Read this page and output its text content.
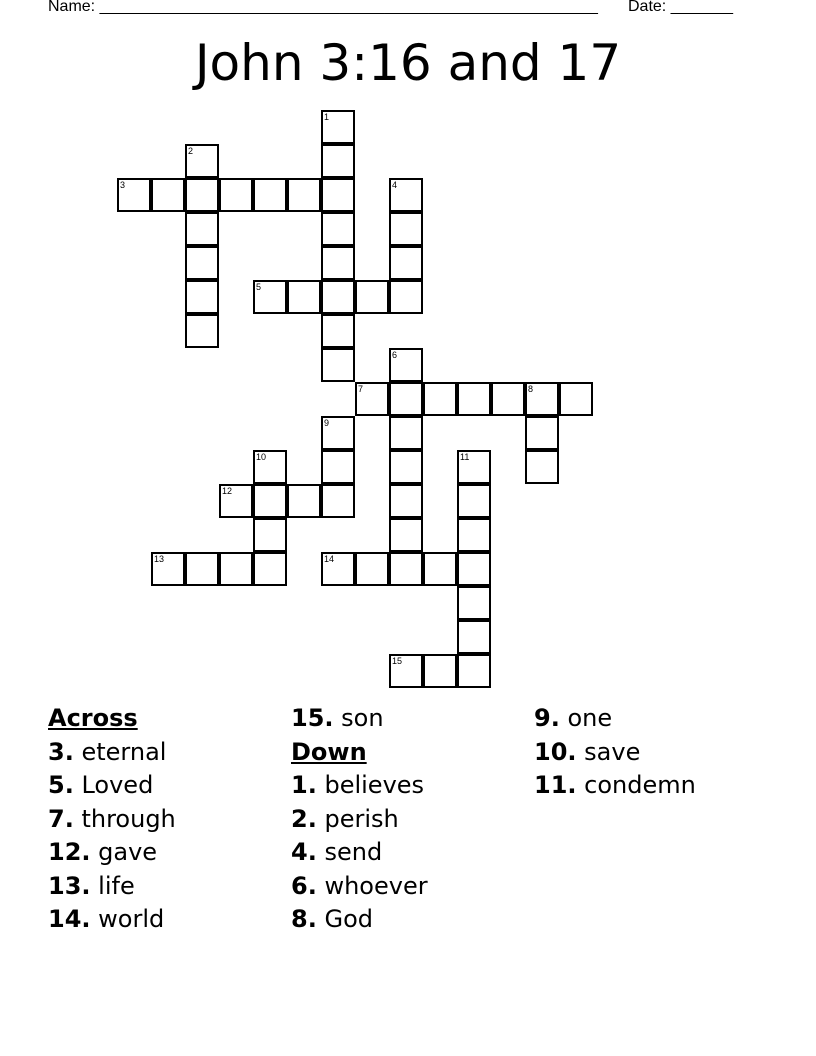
Name: ________________________________________________________ Date: _______
John 3:16 and 17
1
2
3	4
5
6
7	8
9
10	11
12
13	14
15
Across
3. eternal
5. Loved
7. through
12. gave
13. life
14. world
15. son
Down
1. believes
2. perish
4. send
6. whoever
8. God
9. one
10. save
11. condemn
